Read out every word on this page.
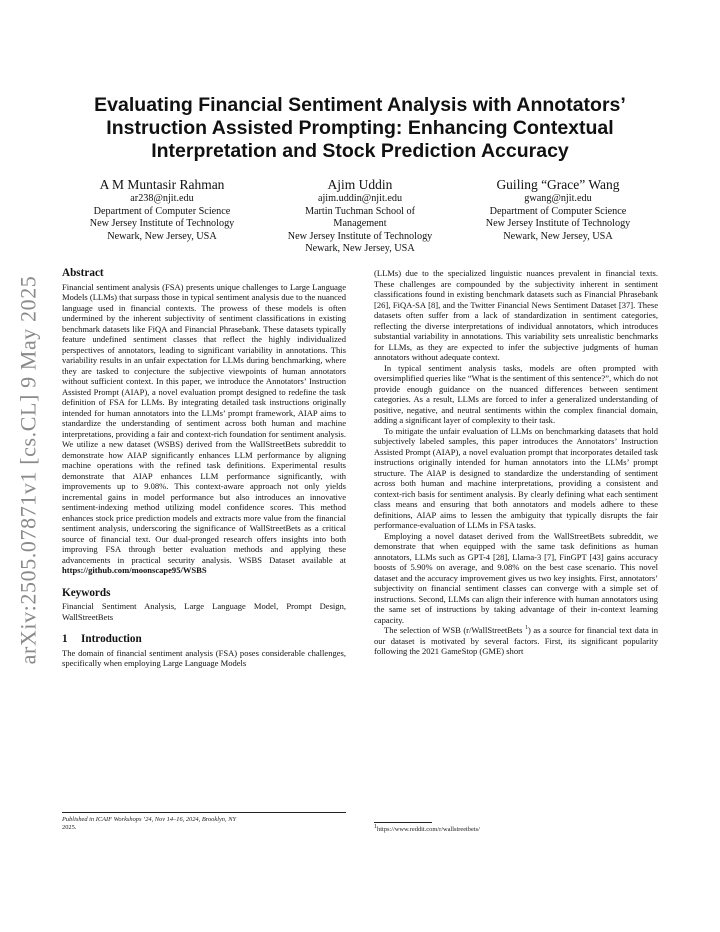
arXiv:2505.07871v1 [cs.CL] 9 May 2025
Evaluating Financial Sentiment Analysis with Annotators’
Instruction Assisted Prompting: Enhancing Contextual
Interpretation and Stock Prediction Accuracy
A M Muntasir Rahman
ar238@njit.edu
Department of Computer Science
New Jersey Institute of Technology
Newark, New Jersey, USA
Ajim Uddin
ajim.uddin@njit.edu
Martin Tuchman School of
Management
New Jersey Institute of Technology
Newark, New Jersey, USA
Guiling “Grace” Wang
gwang@njit.edu
Department of Computer Science
New Jersey Institute of Technology
Newark, New Jersey, USA
Abstract

Financial sentiment analysis (FSA) presents unique challenges to Large Language Models (LLMs) that surpass those in typical sentiment analysis due to the nuanced language used in financial contexts. The prowess of these models is often undermined by the inherent subjectivity of sentiment classifications in existing benchmark datasets like FiQA and Financial Phrasebank. These datasets typically feature undefined sentiment classes that reflect the highly individualized perspectives of annotators, leading to significant variability in annotations. This variability results in an unfair expectation for LLMs during benchmarking, where they are tasked to conjecture the subjective viewpoints of human annotators without sufficient context. In this paper, we introduce the Annotators’ Instruction Assisted Prompt (AIAP), a novel evaluation prompt designed to redefine the task definition of FSA for LLMs. By integrating detailed task instructions originally intended for human annotators into the LLMs’ prompt framework, AIAP aims to standardize the understanding of sentiment across both human and machine interpretations, providing a fair and context-rich foundation for sentiment analysis. We utilize a new dataset (WSBS) derived from the WallStreetBets subreddit to demonstrate how AIAP significantly enhances LLM performance by aligning machine operations with the refined task definitions. Experimental results demonstrate that AIAP enhances LLM performance significantly, with improvements up to 9.08%. This context-aware approach not only yields incremental gains in model performance but also introduces an innovative sentiment-indexing method utilizing model confidence scores. This method enhances stock price prediction models and extracts more value from the financial sentiment analysis, underscoring the significance of WallStreetBets as a critical source of financial text. Our dual-pronged research offers insights into both improving FSA through better evaluation methods and applying these advancements in practical security analysis. WSBS Dataset available at https://github.com/moonscape95/WSBS

Keywords

Financial Sentiment Analysis, Large Language Model, Prompt Design, WallStreetBets

1 Introduction

The domain of financial sentiment analysis (FSA) poses considerable challenges, specifically when employing Large Language Models

(LLMs) due to the specialized linguistic nuances prevalent in financial texts. These challenges are compounded by the subjectivity inherent in sentiment classifications found in existing benchmark datasets such as Financial Phrasebank [26], FiQA-SA [8], and the Twitter Financial News Sentiment Dataset [37]. These datasets often suffer from a lack of standardization in sentiment categories, reflecting the diverse interpretations of individual annotators, which introduces substantial variability in annotations. This variability sets unrealistic benchmarks for LLMs, as they are expected to infer the subjective judgments of human annotators without adequate context.

In typical sentiment analysis tasks, models are often prompted with oversimplified queries like “What is the sentiment of this sentence?”, which do not provide enough guidance on the nuanced differences between sentiment categories. As a result, LLMs are forced to infer a generalized understanding of positive, negative, and neutral sentiments within the complex financial domain, adding a significant layer of complexity to their task.

To mitigate the unfair evaluation of LLMs on benchmarking datasets that hold subjectively labeled samples, this paper introduces the Annotators’ Instruction Assisted Prompt (AIAP), a novel evaluation prompt that incorporates detailed task instructions originally intended for human annotators into the LLMs’ prompt structure. The AIAP is designed to standardize the understanding of sentiment across both human and machine interpretations, providing a consistent and context-rich basis for sentiment analysis. By clearly defining what each sentiment class means and ensuring that both annotators and models adhere to these definitions, AIAP aims to lessen the ambiguity that typically disrupts the fair performance-evaluation of LLMs in FSA tasks.

Employing a novel dataset derived from the WallStreetBets subreddit, we demonstrate that when equipped with the same task definitions as human annotators, LLMs such as GPT-4 [28], Llama-3 [7], FinGPT [43] gains accuracy boosts of 5.90% on average, and 9.08% on the best case scenario. This novel dataset and the accuracy improvement gives us two key insights. First, annotators’ subjectivity on financial sentiment classes can converge with a simple set of instructions. Second, LLMs can align their inference with human annotators using the same set of instructions by taking advantage of their in-context learning capacity.

The selection of WSB (r/WallStreetBets $^1$) as a source for financial text data in our dataset is motivated by several factors. First, its significant popularity following the 2021 GameStop (GME) short

Published in ICAIF Workshops ’24, Nov 14–16, 2024, Brooklyn, NY
2025.	$^1$https://www.reddit.com/r/wallstreetbets/
